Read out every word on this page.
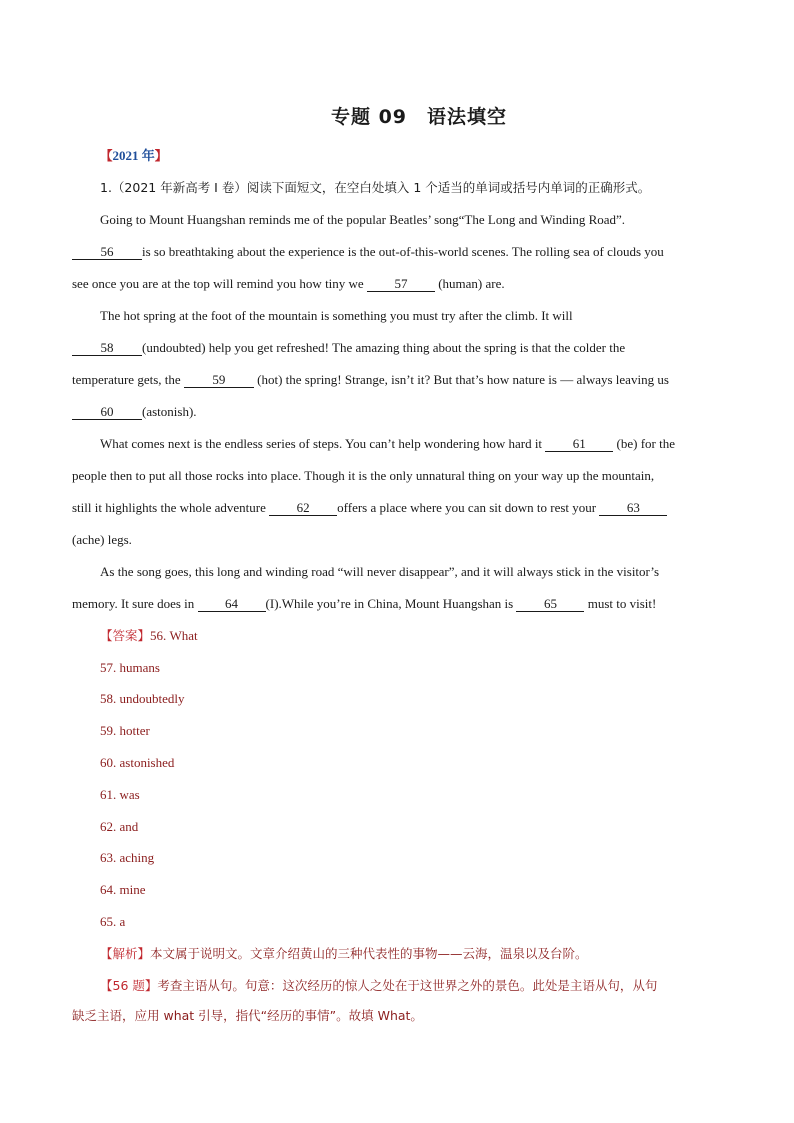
专题 09　语法填空
【2021 年】
1.（2021 年新高考 I 卷）阅读下面短文，在空白处填入 1 个适当的单词或括号内单词的正确形式。
Going to Mount Huangshan reminds me of the popular Beatles’ song“The Long and Winding Road”.
56 is so breathtaking about the experience is the out-of-this-world scenes. The rolling sea of clouds you
see once you are at the top will remind you how tiny we 57 (human) are.
The hot spring at the foot of the mountain is something you must try after the climb. It will
58 (undoubted) help you get refreshed! The amazing thing about the spring is that the colder the
temperature gets, the 59 (hot) the spring! Strange, isn’t it? But that’s how nature is — always leaving us
60 (astonish).
What comes next is the endless series of steps. You can’t help wondering how hard it 61 (be) for the
people then to put all those rocks into place. Though it is the only unnatural thing on your way up the mountain,
still it highlights the whole adventure 62 offers a place where you can sit down to rest your 63
(ache) legs.
As the song goes, this long and winding road “will never disappear”, and it will always stick in the visitor’s
memory. It sure does in 64 (I).While you’re in China, Mount Huangshan is 65 must to visit!
【答案】56. What
57. humans
58. undoubtedly
59. hotter
60. astonished
61. was
62. and
63. aching
64. mine
65. a
【解析】本文属于说明文。文章介绍黄山的三种代表性的事物——云海，温泉以及台阶。
【56 题】考查主语从句。句意：这次经历的惊人之处在于这世界之外的景色。此处是主语从句，从句
缺乏主语，应用 what 引导，指代“经历的事情”。故填 What。
